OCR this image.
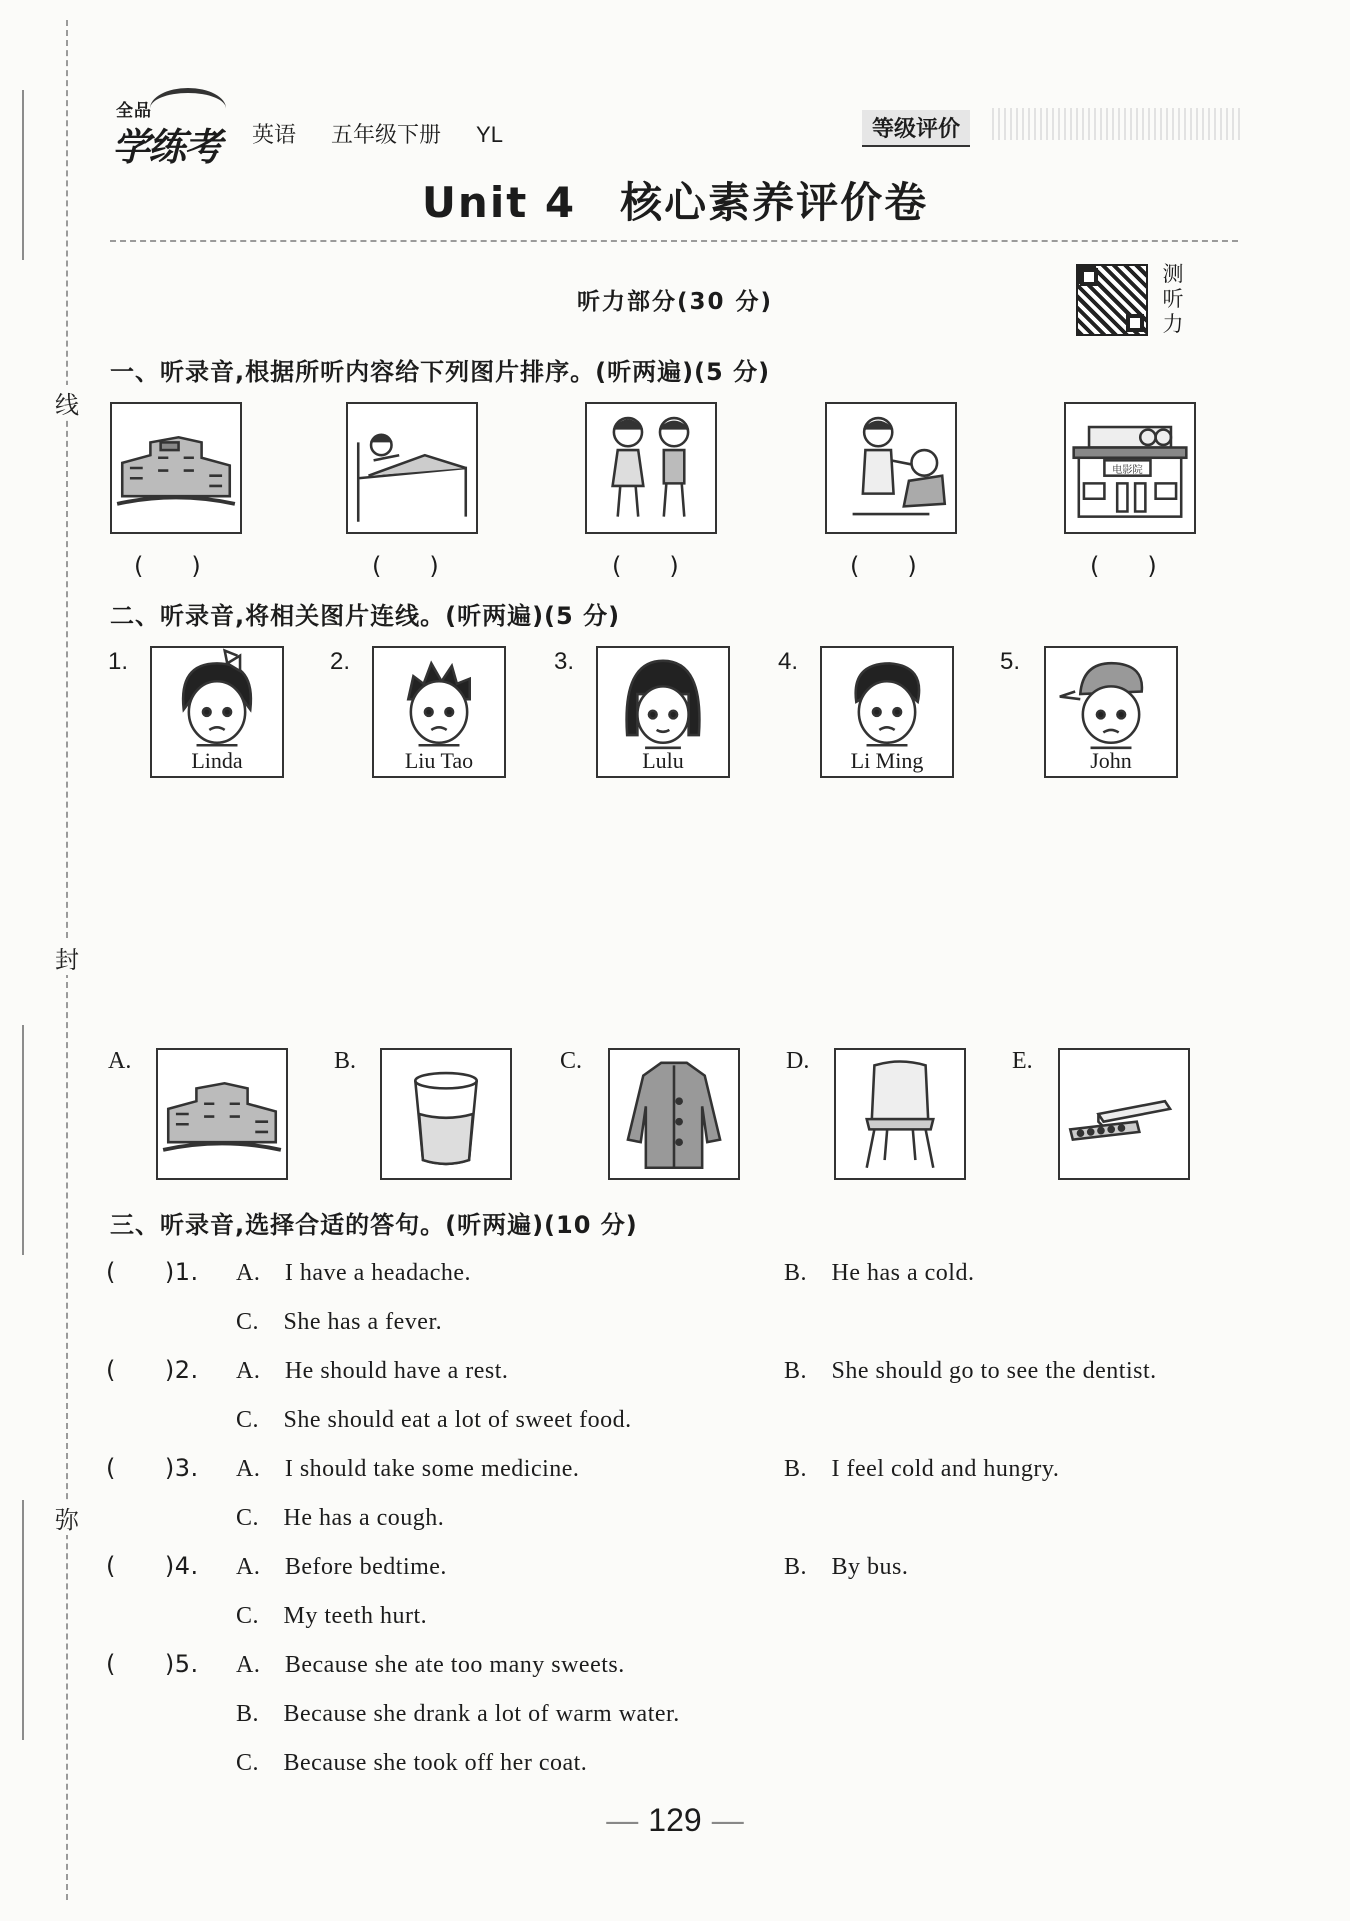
线
封
弥
全品
学练考 英语 五年级下册 YL	等级评价
Unit 4　核心素养评价卷
听力部分(30 分)
测
听
力
一、听录音,根据所听内容给下列图片排序。(听两遍)(5 分)
电影院
(　　)	(　　)	(　　)	(　　)	(　　)
二、听录音,将相关图片连线。(听两遍)(5 分)
1.
Linda
2.
Liu Tao
3.
Lulu
4.
Li Ming
5.
John
A.	B.	C.	D.	E.
三、听录音,选择合适的答句。(听两遍)(10 分)
(　　)1. A.　I have a headache.	B.　He has a cold.
C.　She has a fever.
(　　)2. A.　He should have a rest.	B.　She should go to see the dentist.
C.　She should eat a lot of sweet food.
(　　)3. A.　I should take some medicine.	B.　I feel cold and hungry.
C.　He has a cough.
(　　)4. A.　Before bedtime.	B.　By bus.
C.　My teeth hurt.
(　　)5. A.　Because she ate too many sweets.
B.　Because she drank a lot of warm water.
C.　Because she took off her coat.
— 129 —
